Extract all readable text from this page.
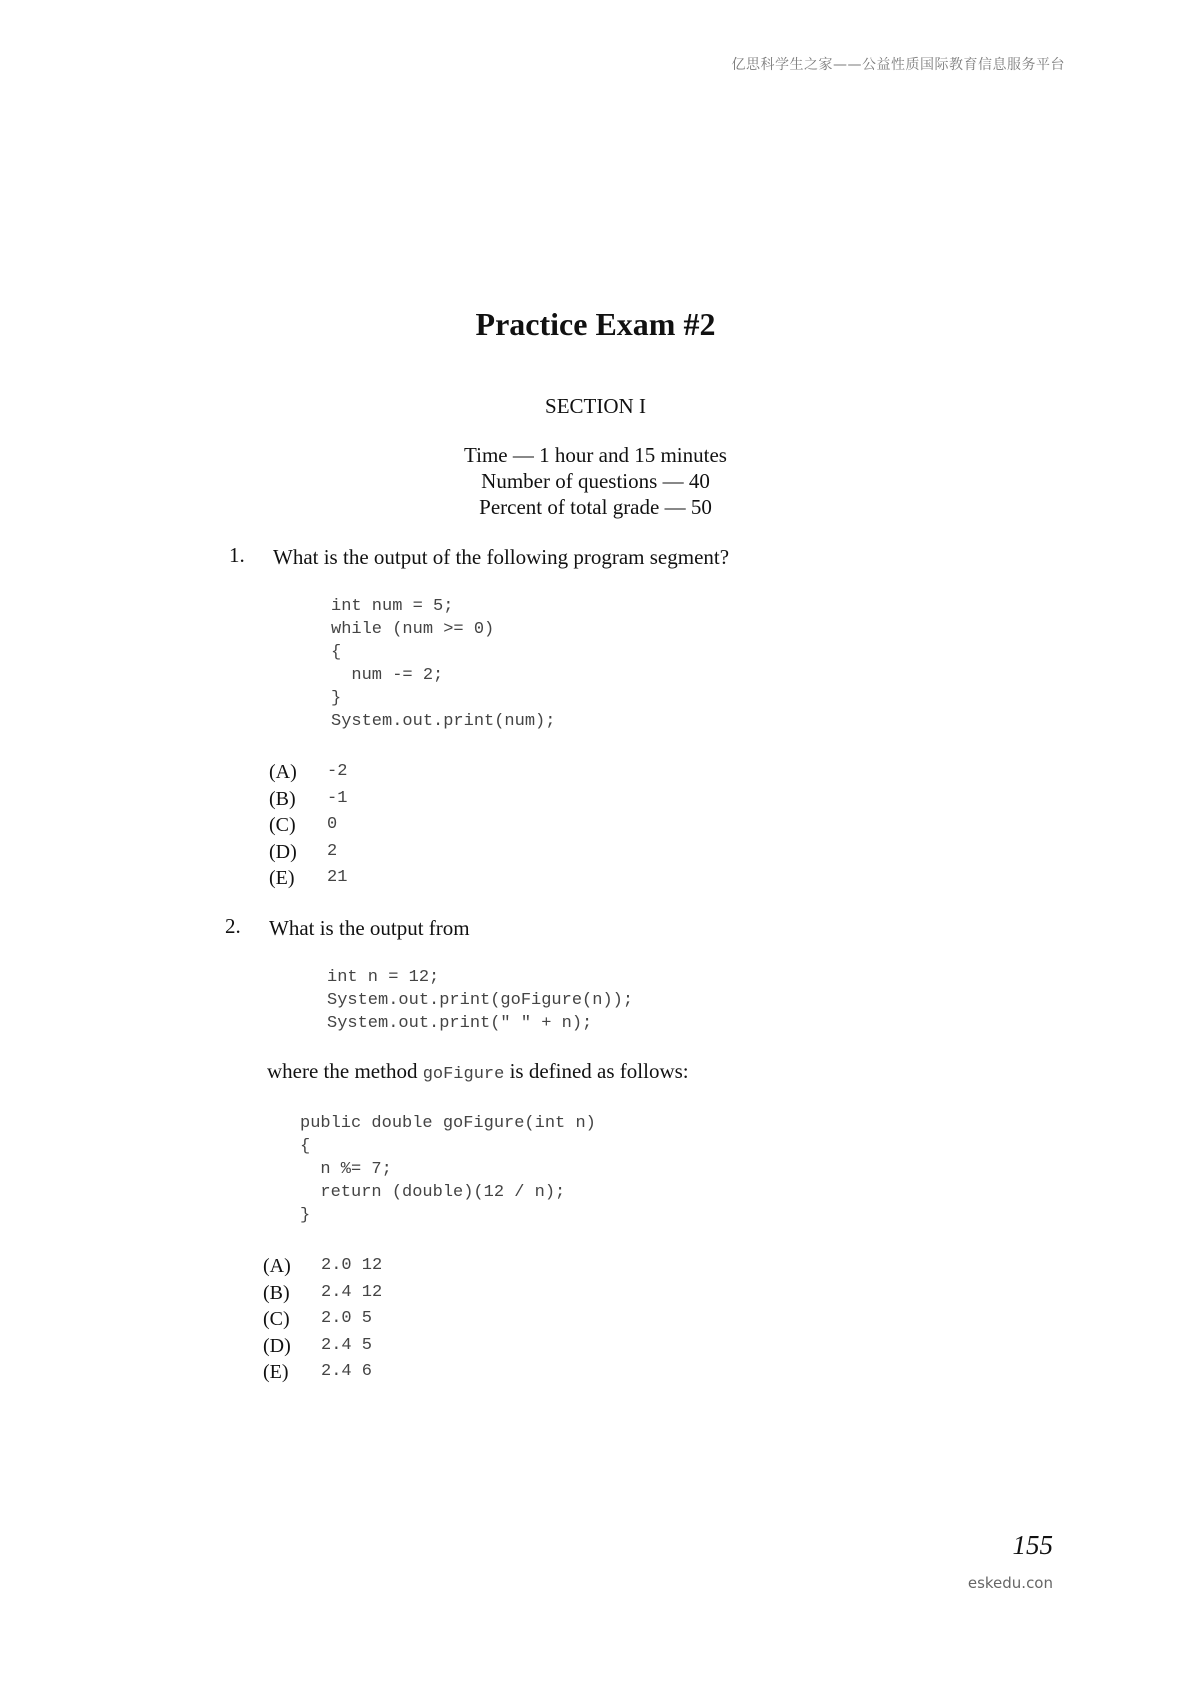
亿思科学生之家——公益性质国际教育信息服务平台
Practice Exam #2
SECTION I
Time — 1 hour and 15 minutes
Number of questions — 40
Percent of total grade — 50
1. What is the output of the following program segment?
int num = 5;
while (num >= 0)
{
num -= 2;
}
System.out.print(num);
(A)	-2
(B)	-1
(C)	0
(D)	2
(E)	21
2. What is the output from
int n = 12;
System.out.print(goFigure(n));
System.out.print(" " + n);
where the method goFigure is defined as follows:
public double goFigure(int n)
{
n %= 7;
return (double)(12 / n);
}
(A)	2.0 12
(B)	2.4 12
(C)	2.0 5
(D)	2.4 5
(E)	2.4 6
155
eskedu.con
